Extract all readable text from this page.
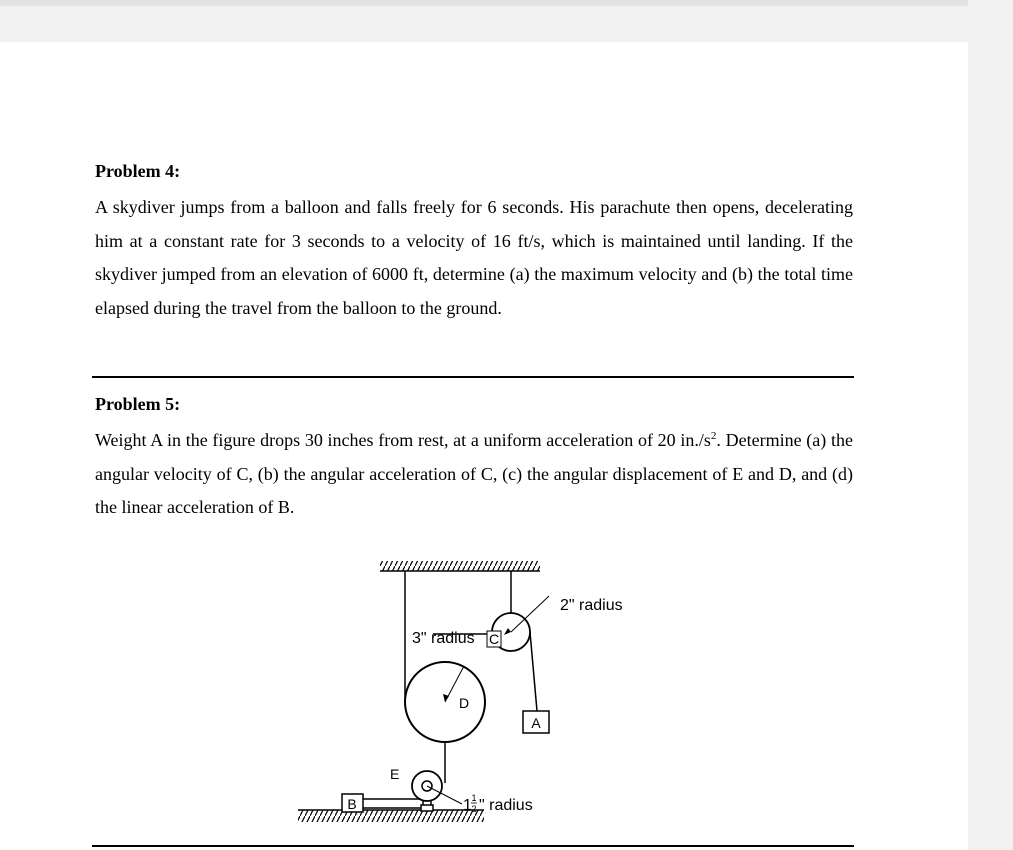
Problem 4:
A skydiver jumps from a balloon and falls freely for 6 seconds. His parachute then opens, decelerating him at a constant rate for 3 seconds to a velocity of 16 ft/s, which is maintained until landing. If the skydiver jumped from an elevation of 6000 ft, determine (a) the maximum velocity and (b) the total time elapsed during the travel from the balloon to the ground.
Problem 5:
Weight A in the figure drops 30 inches from rest, at a uniform acceleration of 20 $in./s^2$. Determine (a) the angular velocity of C, (b) the angular acceleration of C, (c) the angular displacement of E and D, and (d) the linear acceleration of B.
C
2" radius
D
3" radius
A
E
1 1
2 " radius
B
